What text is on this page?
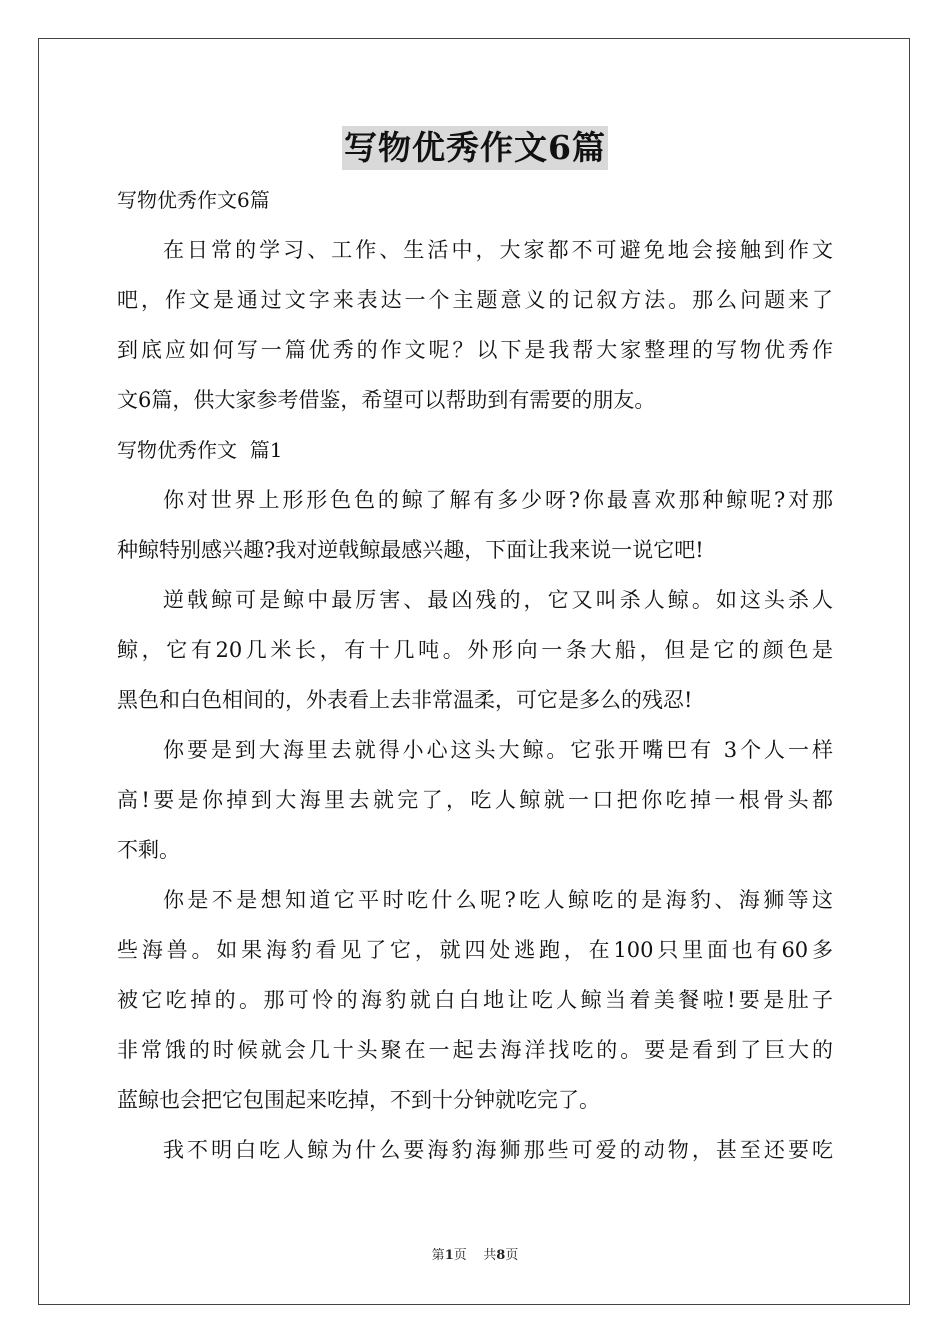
写物优秀作文6篇
写物优秀作文6篇
在日常的学习、工作、生活中，大家都不可避免地会接触到作文
吧，作文是通过文字来表达一个主题意义的记叙方法。那么问题来了
到底应如何写一篇优秀的作文呢？以下是我帮大家整理的写物优秀作
文6篇，供大家参考借鉴，希望可以帮助到有需要的朋友。
写物优秀作文  篇1
你对世界上形形色色的鲸了解有多少呀?你最喜欢那种鲸呢?对那
种鲸特别感兴趣?我对逆戟鲸最感兴趣，下面让我来说一说它吧!
逆戟鲸可是鲸中最厉害、最凶残的，它又叫杀人鲸。如这头杀人
鲸，它有20几米长，有十几吨。外形向一条大船，但是它的颜色是
黑色和白色相间的，外表看上去非常温柔，可它是多么的残忍!
你要是到大海里去就得小心这头大鲸。它张开嘴巴有 3个人一样
高!要是你掉到大海里去就完了，吃人鲸就一口把你吃掉一根骨头都
不剩。
你是不是想知道它平时吃什么呢?吃人鲸吃的是海豹、海狮等这
些海兽。如果海豹看见了它，就四处逃跑，在100只里面也有60多
被它吃掉的。那可怜的海豹就白白地让吃人鲸当着美餐啦!要是肚子
非常饿的时候就会几十头聚在一起去海洋找吃的。要是看到了巨大的
蓝鲸也会把它包围起来吃掉，不到十分钟就吃完了。
我不明白吃人鲸为什么要海豹海狮那些可爱的动物，甚至还要吃
第1页    共8页
